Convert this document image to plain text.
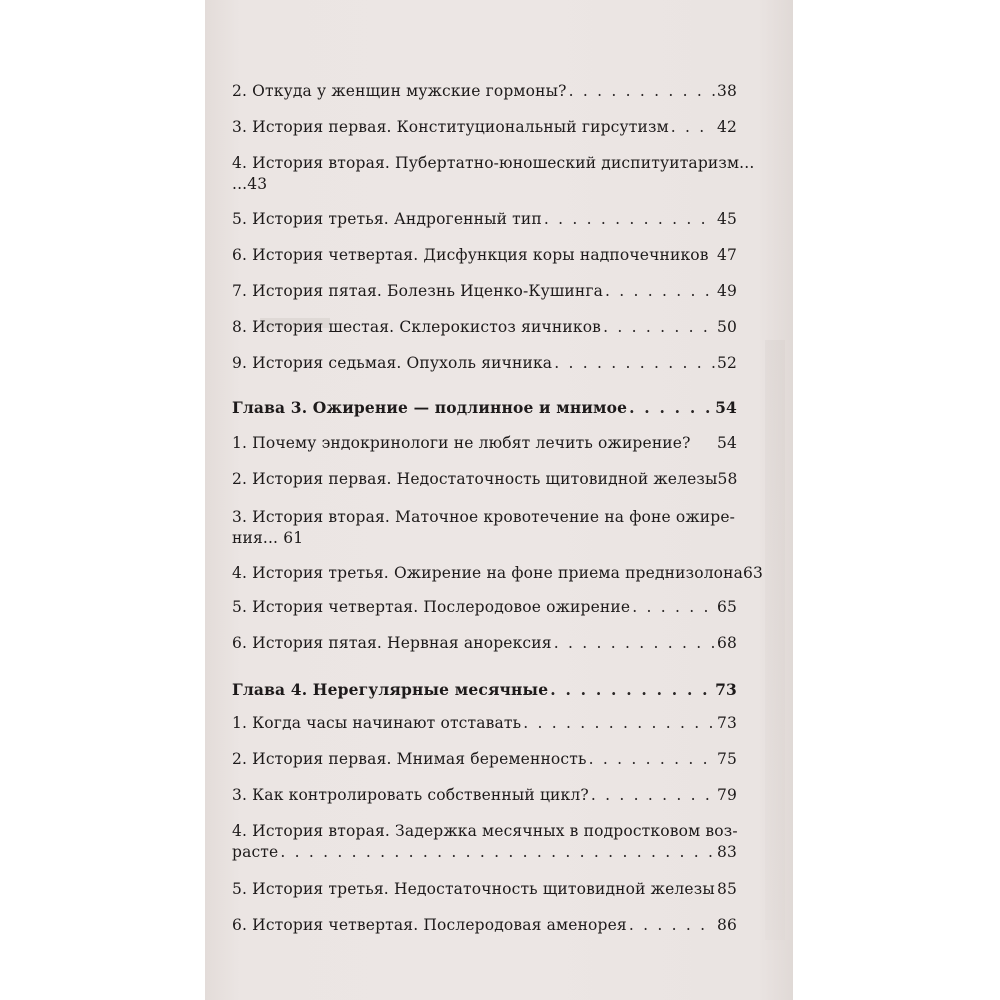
2. Откуда у женщин мужские гормоны? . . .	38
3. История первая. Конституциональный гирсутизм . . .	42
4. История вторая. Пубертатно-юношеский диспитуитаризм...
...43
5. История третья. Андрогенный тип . . .	45
6. История четвертая. Дисфункция коры надпочечников 47
7. История пятая. Болезнь Иценко-Кушинга . . .	49
8. История шестая. Склерокистоз яичников . . .	50
9. История седьмая. Опухоль яичника . . .	52
Глава 3. Ожирение — подлинное и мнимое . . .	54
1. Почему эндокринологи не любят лечить ожирение? 54
2. История первая. Недостаточность щитовидной железы 58
3. История вторая. Маточное кровотечение на фоне ожире-
ния... 61
4. История третья. Ожирение на фоне приема преднизолона 63
5. История четвертая. Послеродовое ожирение . . .	65
6. История пятая. Нервная анорексия . . .	68
Глава 4. Нерегулярные месячные . . .	73
1. Когда часы начинают отставать . . .	73
2. История первая. Мнимая беременность . . .	75
3. Как контролировать собственный цикл? . . .	79
4. История вторая. Задержка месячных в подростковом воз-
расте . . .	83
5. История третья. Недостаточность щитовидной железы 85
6. История четвертая. Послеродовая аменорея . . .	86
